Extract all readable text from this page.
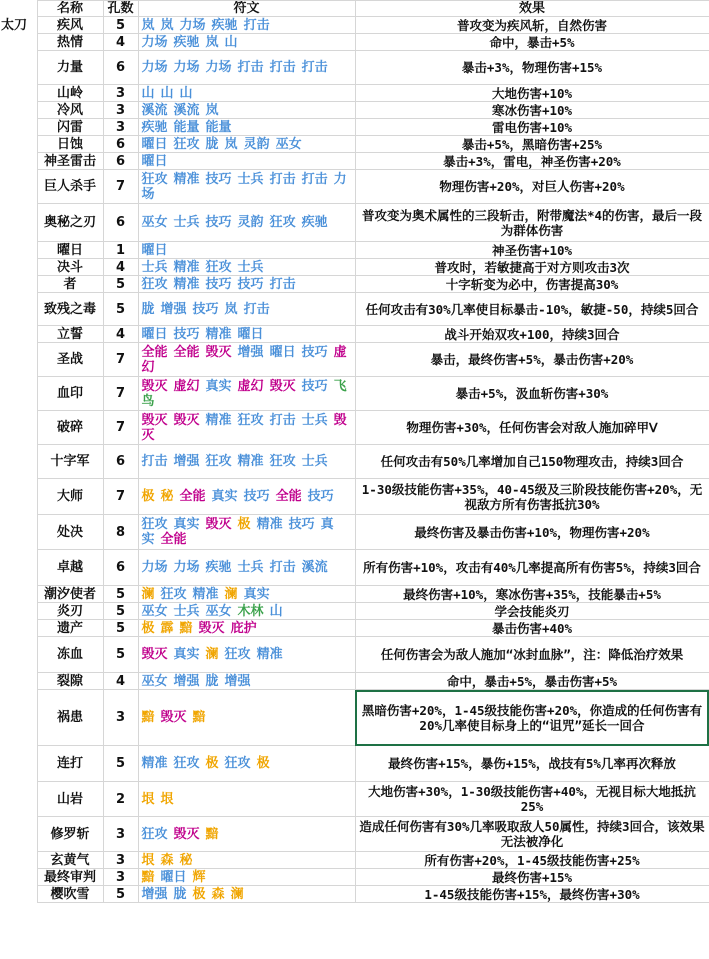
	名称	孔数	符文	效果
太刀	疾风	5	岚 岚 力场 疾驰 打击	普攻变为疾风斩，自然伤害
	热情	4	力场 疾驰 岚 山	命中，暴击+5%
	力量	6	力场 力场 力场 打击 打击 打击	暴击+3%，物理伤害+15%
	山岭	3	山 山 山	大地伤害+10%
	冷风	3	溪流 溪流 岚	寒冰伤害+10%
	闪雷	3	疾驰 能量 能量	雷电伤害+10%
	日蚀	6	曜日 狂攻 胧 岚 灵韵 巫女	暴击+5%，黑暗伤害+25%
	神圣雷击	6	曜日	暴击+3%，雷电，神圣伤害+20%
	巨人杀手	7	狂攻 精准 技巧 士兵 打击 打击 力场	物理伤害+20%，对巨人伤害+20%
	奥秘之刃	6	巫女 士兵 技巧 灵韵 狂攻 疾驰	普攻变为奥术属性的三段斩击，附带魔法*4的伤害，最后一段为群体伤害
	曜日	1	曜日	神圣伤害+10%
	决斗	4	士兵 精准 狂攻 士兵	普攻时，若敏捷高于对方则攻击3次
	者	5	狂攻 精准 技巧 技巧 打击	十字斩变为必中，伤害提高30%
	致残之毒	5	胧 增强 技巧 岚 打击	任何攻击有30%几率使目标暴击-10%，敏捷-50，持续5回合
	立誓	4	曜日 技巧 精准 曜日	战斗开始双攻+100，持续3回合
	圣战	7	全能 全能 毁灭 增强 曜日 技巧 虚幻	暴击，最终伤害+5%，暴击伤害+20%
	血印	7	毁灭 虚幻 真实 虚幻 毁灭 技巧 飞鸟	暴击+5%，汲血斩伤害+30%
	破碎	7	毁灭 毁灭 精准 狂攻 打击 士兵 毁灭	物理伤害+30%，任何伤害会对敌人施加碎甲Ⅴ
	十字军	6	打击 增强 狂攻 精准 狂攻 士兵	任何攻击有50%几率增加自己150物理攻击，持续3回合
	大师	7	极 秘 全能 真实 技巧 全能 技巧	1-30级技能伤害+35%，40-45级及三阶段技能伤害+20%，无视敌方所有伤害抵抗30%
	处决	8	狂攻 真实 毁灭 极 精准 技巧 真实 全能	最终伤害及暴击伤害+10%，物理伤害+20%
	卓越	6	力场 力场 疾驰 士兵 打击 溪流	所有伤害+10%，攻击有40%几率提高所有伤害5%，持续3回合
	潮汐使者	5	澜 狂攻 精准 澜 真实	最终伤害+10%，寒冰伤害+35%，技能暴击+5%
	炎刃	5	巫女 士兵 巫女 木林 山	学会技能炎刃
	遗产	5	极 霹 黯 毁灭 庇护	暴击伤害+40%
	冻血	5	毁灭 真实 澜 狂攻 精准	任何伤害会为敌人施加“冰封血脉”，注：降低治疗效果
	裂隙	4	巫女 增强 胧 增强	命中，暴击+5%，暴击伤害+5%
	祸患	3	黯 毁灭 黯	黑暗伤害+20%，1-45级技能伤害+20%，你造成的任何伤害有20%几率使目标身上的“诅咒”延长一回合
	连打	5	精准 狂攻 极 狂攻 极	最终伤害+15%，暴伤+15%，战技有5%几率再次释放
	山岩	2	垠 垠	大地伤害+30%，1-30级技能伤害+40%，无视目标大地抵抗25%
	修罗斩	3	狂攻 毁灭 黯	造成任何伤害有30%几率吸取敌人50属性，持续3回合，该效果无法被净化
	玄黄气	3	垠 森 秘	所有伤害+20%，1-45级技能伤害+25%
	最终审判	3	黯 曜日 辉	最终伤害+15%
	樱吹雪	5	增强 胧 极 森 澜	1-45级技能伤害+15%，最终伤害+30%
